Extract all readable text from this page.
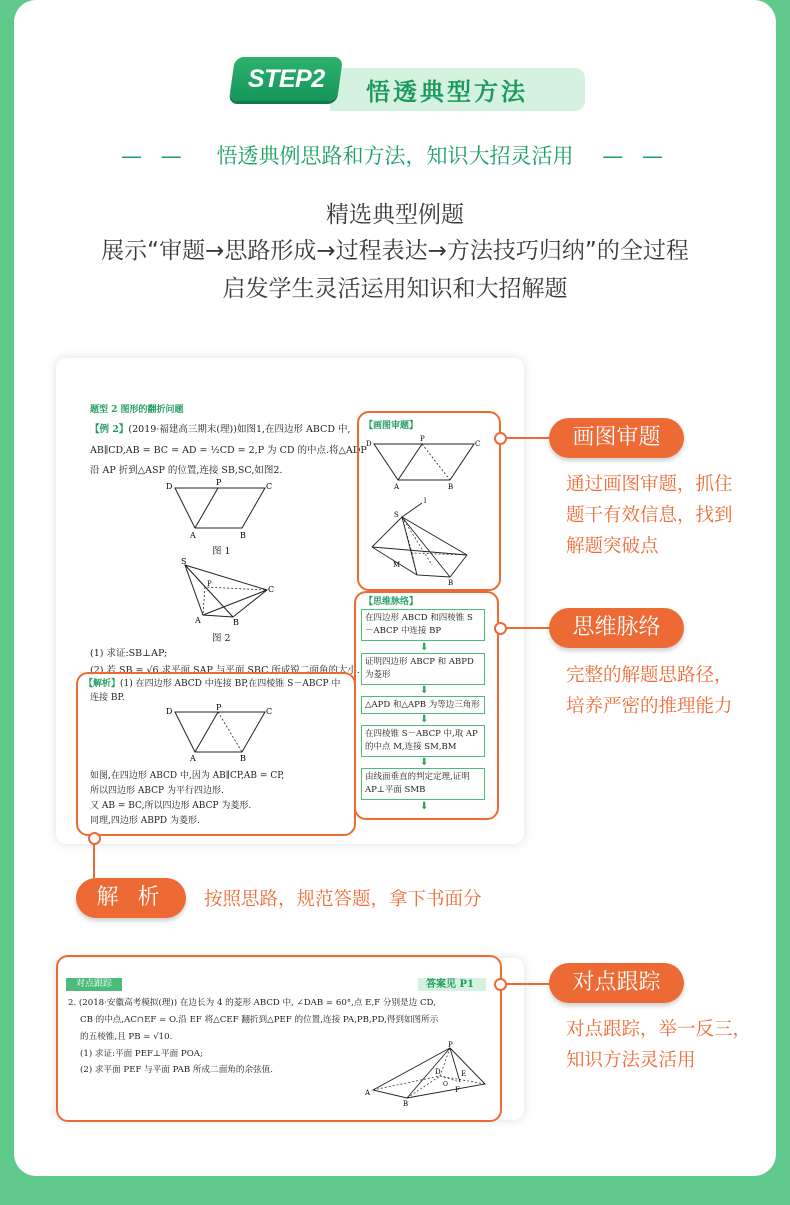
STEP2 悟透典型方法
— — 悟透典例思路和方法，知识大招灵活用 — —
精选典型例题
展示“审题→思路形成→过程表达→方法技巧归纳”的全过程
启发学生灵活运用知识和大招解题
题型 2 图形的翻折问题
【例 2】(2019·福建高三期末(理))如图1,在四边形 ABCD 中,
AB∥CD,AB = BC = AD = ½CD = 2,P 为 CD 的中点.将△ADP
沿 AP 折到△ASP 的位置,连接 SB,SC,如图2.
D	P	C
A	B
图 1
S
P
C
A	B
图 2
(1) 求证:SB⊥AP;
(2) 若 SB = √6,求平面 SAP 与平面 SBC 所成锐二面角的大小.
【解析】(1) 在四边形 ABCD 中连接 BP,在四棱锥 S－ABCP 中
连接 BP.
D	P	C
A	B
如图,在四边形 ABCD 中,因为 AB∥CP,AB = CP,
所以四边形 ABCP 为平行四边形.
又 AB = BC,所以四边形 ABCP 为菱形.
同理,四边形 ABPD 为菱形.
【画图审题】
D
P
C
A	B
S
l
M
B
【思维脉络】
在四边形 ABCD 和四棱锥 S－ABCP 中连接 BP
⬇
证明四边形 ABCP 和 ABPD 为菱形
⬇
△APD 和△APB 为等边三角形
⬇
在四棱锥 S－ABCP 中,取 AP 的中点 M,连接 SM,BM
⬇
由线面垂直的判定定理,证明 AP⊥平面 SMB
⬇
画图审题
通过画图审题，抓住
题干有效信息，找到
解题突破点
思维脉络
完整的解题思路径，
培养严密的推理能力
解 析	按照思路，规范答题，拿下书面分
对点跟踪	答案见 P1
2. (2018·安徽高考模拟(理)) 在边长为 4 的菱形 ABCD 中, ∠DAB = 60°,点 E,F 分别是边 CD,
CB 的中点,AC∩EF = O.沿 EF 将△CEF 翻折到△PEF 的位置,连接 PA,PB,PD,得到如图所示
的五棱锥,且 PB = √10.
(1) 求证:平面 PEF⊥平面 POA;
(2) 求平面 PEF 与平面 PAB 所成二面角的余弦值.
P
A
B
D	E
F
O
对点跟踪
对点跟踪，举一反三，
知识方法灵活用
